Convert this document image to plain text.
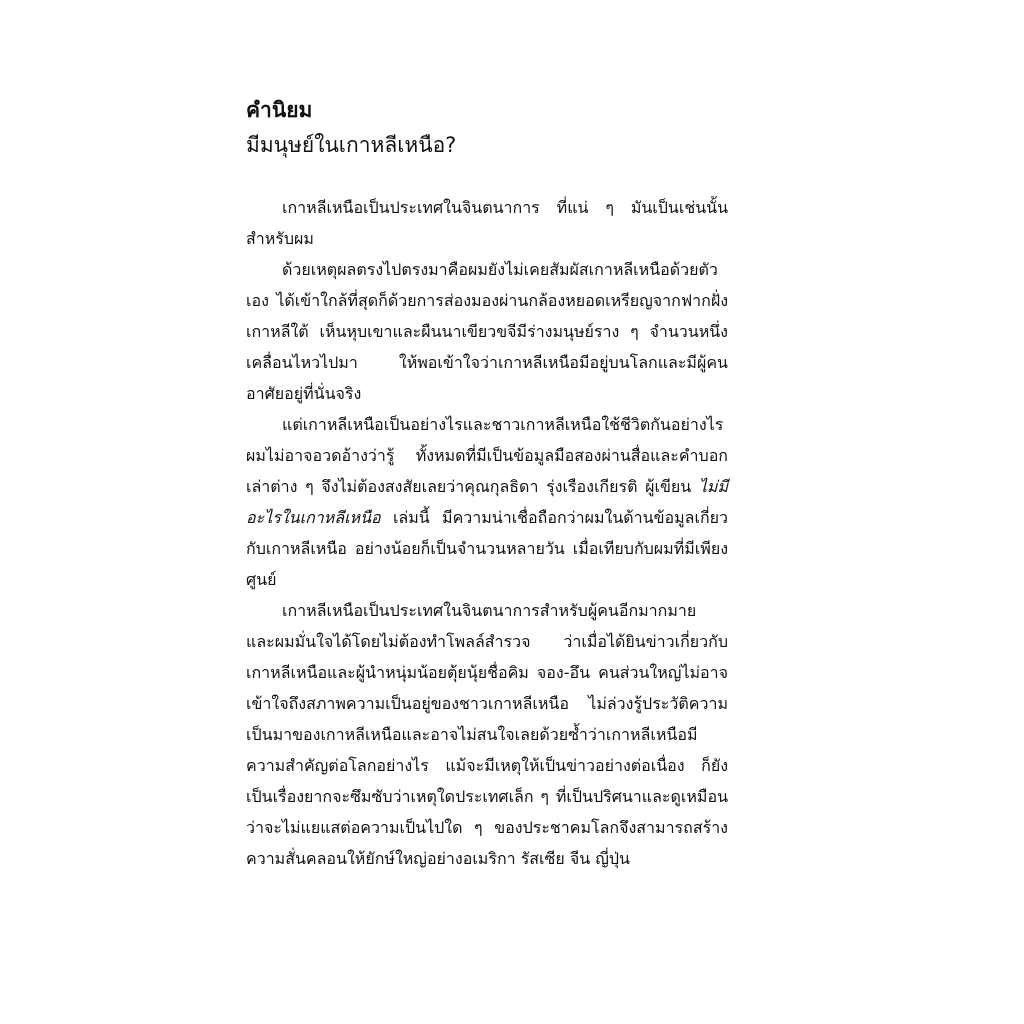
คำนิยม
มีมนุษย์ในเกาหลีเหนือ?

เกาหลีเหนือเป็นประเทศในจินตนาการ ที่แน่ ๆ มันเป็นเช่นนั้นสำหรับผม

ด้วยเหตุผลตรงไปตรงมาคือผมยังไม่เคยสัมผัสเกาหลีเหนือด้วยตัวเอง ได้เข้าใกล้ที่สุดก็ด้วยการส่องมองผ่านกล้องหยอดเหรียญจากฟากฝั่งเกาหลีใต้ เห็นหุบเขาและผืนนาเขียวขจีมีร่างมนุษย์ราง ๆ จำนวนหนึ่งเคลื่อนไหวไปมา ให้พอเข้าใจว่าเกาหลีเหนือมีอยู่บนโลกและมีผู้คนอาศัยอยู่ที่นั่นจริง

แต่เกาหลีเหนือเป็นอย่างไรและชาวเกาหลีเหนือใช้ชีวิตกันอย่างไร ผมไม่อาจอวดอ้างว่ารู้ ทั้งหมดที่มีเป็นข้อมูลมือสองผ่านสื่อและคำบอกเล่าต่าง ๆ จึงไม่ต้องสงสัยเลยว่าคุณกุลธิดา รุ่งเรืองเกียรติ ผู้เขียน ไม่มีอะไรในเกาหลีเหนือ เล่มนี้ มีความน่าเชื่อถือกว่าผมในด้านข้อมูลเกี่ยวกับเกาหลีเหนือ อย่างน้อยก็เป็นจำนวนหลายวัน เมื่อเทียบกับผมที่มีเพียงศูนย์

เกาหลีเหนือเป็นประเทศในจินตนาการสำหรับผู้คนอีกมากมาย และผมมั่นใจได้โดยไม่ต้องทำโพลล์สำรวจ ว่าเมื่อได้ยินข่าวเกี่ยวกับเกาหลีเหนือและผู้นำหนุ่มน้อยตุ้ยนุ้ยชื่อคิม จอง-อึน คนส่วนใหญ่ไม่อาจเข้าใจถึงสภาพความเป็นอยู่ของชาวเกาหลีเหนือ ไม่ล่วงรู้ประวัติความเป็นมาของเกาหลีเหนือและอาจไม่สนใจเลยด้วยซ้ำว่าเกาหลีเหนือมีความสำคัญต่อโลกอย่างไร แม้จะมีเหตุให้เป็นข่าวอย่างต่อเนื่อง ก็ยังเป็นเรื่องยากจะซึมซับว่าเหตุใดประเทศเล็ก ๆ ที่เป็นปริศนาและดูเหมือนว่าจะไม่แยแสต่อความเป็นไปใด ๆ ของประชาคมโลกจึงสามารถสร้างความสั่นคลอนให้ยักษ์ใหญ่อย่างอเมริกา รัสเซีย จีน ญี่ปุ่น
